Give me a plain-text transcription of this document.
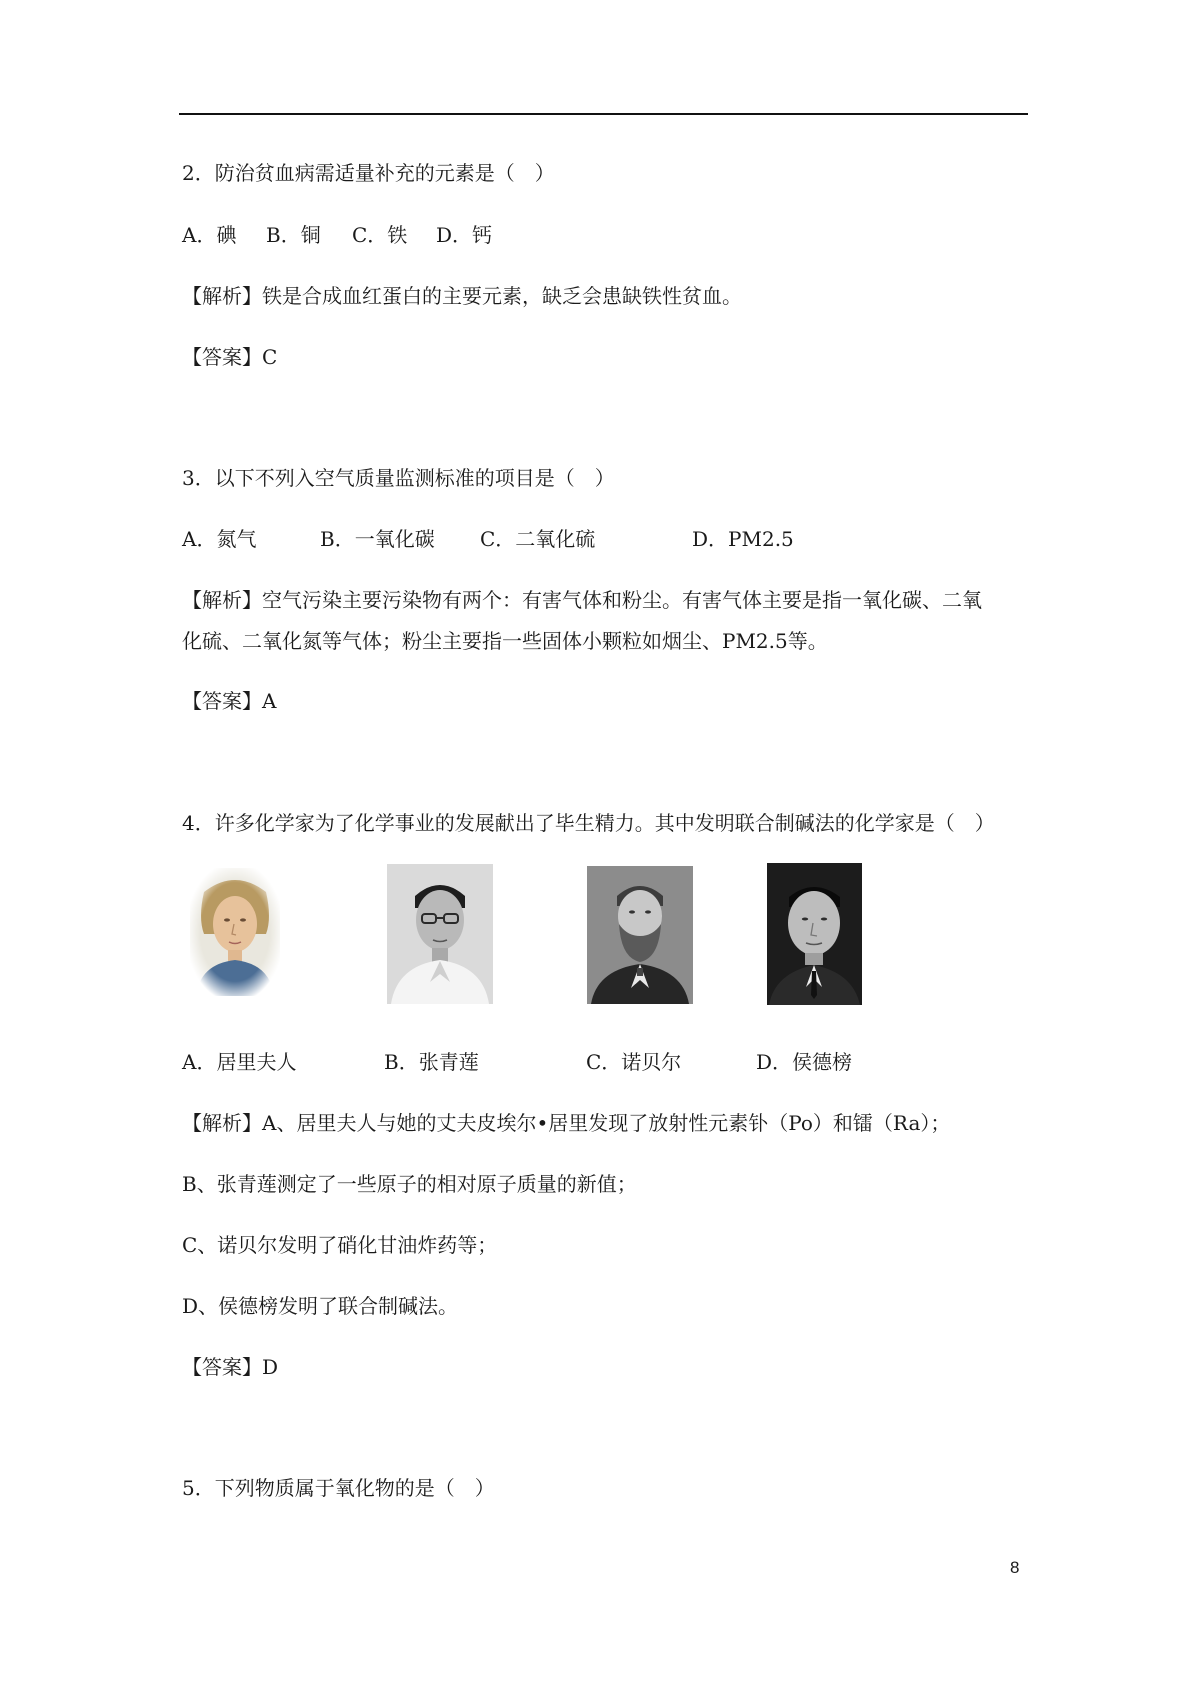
2．防治贫血病需适量补充的元素是（　）
A．碘 B．铜 C．铁 D．钙
【解析】铁是合成血红蛋白的主要元素，缺乏会患缺铁性贫血。
【答案】C
3．以下不列入空气质量监测标准的项目是（　）
A．氮气	B．一氧化碳 C．二氧化硫	D．PM2.5
【解析】空气污染主要污染物有两个：有害气体和粉尘。有害气体主要是指一氧化碳、二氧
化硫、二氧化氮等气体；粉尘主要指一些固体小颗粒如烟尘、PM2.5等。
【答案】A
4．许多化学家为了化学事业的发展献出了毕生精力。其中发明联合制碱法的化学家是（　）
A．居里夫人	B．张青莲	C．诺贝尔	D．侯德榜
【解析】A、居里夫人与她的丈夫皮埃尔•居里发现了放射性元素钋（Po）和镭（Ra）；
B、张青莲测定了一些原子的相对原子质量的新值；
C、诺贝尔发明了硝化甘油炸药等；
D、侯德榜发明了联合制碱法。
【答案】D
5．下列物质属于氧化物的是（　）
8
